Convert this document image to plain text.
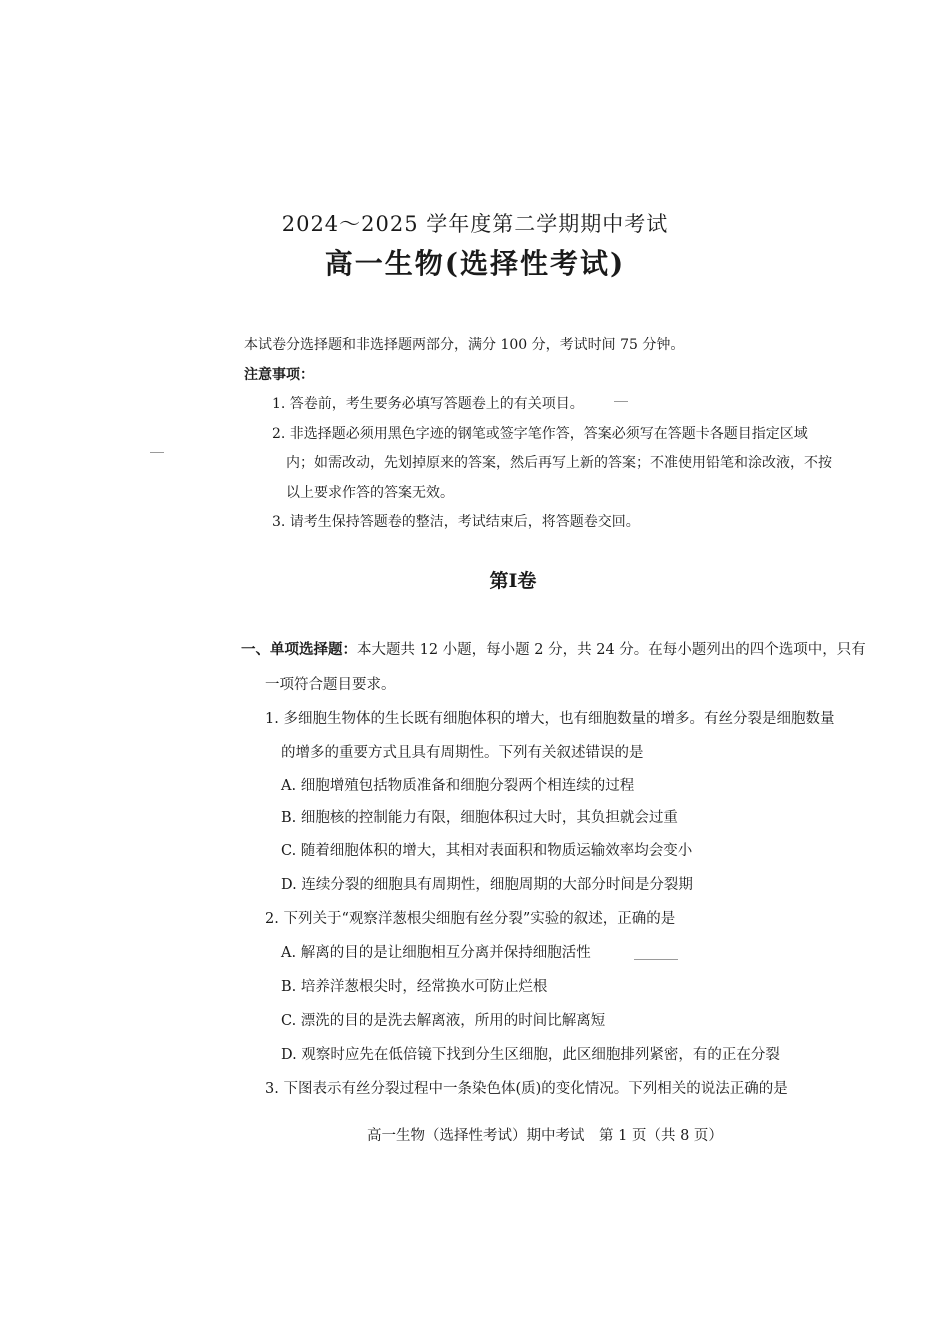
2024～2025 学年度第二学期期中考试
高一生物(选择性考试)
本试卷分选择题和非选择题两部分，满分 100 分，考试时间 75 分钟。
注意事项：
1. 答卷前，考生要务必填写答题卷上的有关项目。
2. 非选择题必须用黑色字迹的钢笔或签字笔作答，答案必须写在答题卡各题目指定区域
内；如需改动，先划掉原来的答案，然后再写上新的答案；不准使用铅笔和涂改液，不按
以上要求作答的答案无效。
3. 请考生保持答题卷的整洁，考试结束后，将答题卷交回。
第Ⅰ卷
一、单项选择题：本大题共 12 小题，每小题 2 分，共 24 分。在每小题列出的四个选项中，只有
一项符合题目要求。
1. 多细胞生物体的生长既有细胞体积的增大，也有细胞数量的增多。有丝分裂是细胞数量
的增多的重要方式且具有周期性。下列有关叙述错误的是
A. 细胞增殖包括物质准备和细胞分裂两个相连续的过程
B. 细胞核的控制能力有限，细胞体积过大时，其负担就会过重
C. 随着细胞体积的增大，其相对表面积和物质运输效率均会变小
D. 连续分裂的细胞具有周期性，细胞周期的大部分时间是分裂期
2. 下列关于“观察洋葱根尖细胞有丝分裂”实验的叙述，正确的是
A. 解离的目的是让细胞相互分离并保持细胞活性
B. 培养洋葱根尖时，经常换水可防止烂根
C. 漂洗的目的是洗去解离液，所用的时间比解离短
D. 观察时应先在低倍镜下找到分生区细胞，此区细胞排列紧密，有的正在分裂
3. 下图表示有丝分裂过程中一条染色体(质)的变化情况。下列相关的说法正确的是
高一生物（选择性考试）期中考试　第 1 页（共 8 页）
